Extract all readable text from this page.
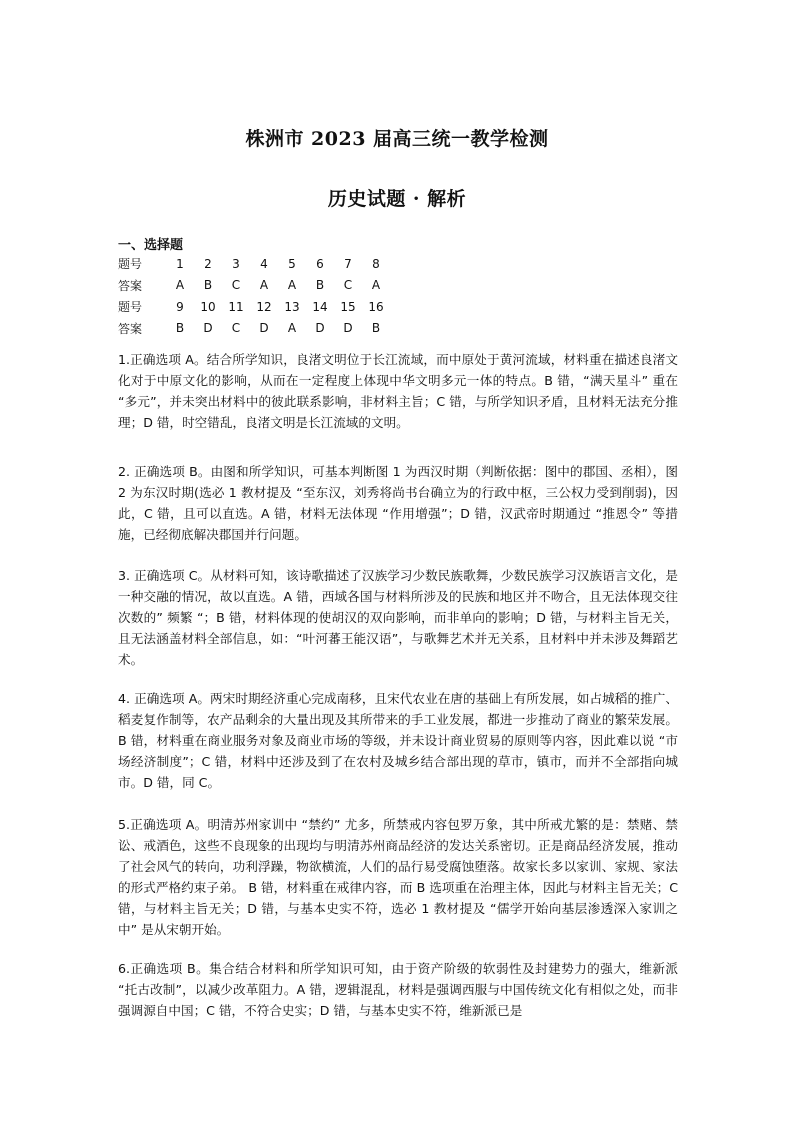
株洲市 2023 届高三统一教学检测
历史试题 · 解析
一、选择题
题号	1	2	3	4	5	6	7	8
答案	A	B	C	A	A	B	C	A
题号	9	10	11	12	13	14	15	16
答案	B	D	C	D	A	D	D	B

1.正确选项 A。结合所学知识，良渚文明位于长江流域，而中原处于黄河流域，材料重在描述良渚文化对于中原文化的影响，从而在一定程度上体现中华文明多元一体的特点。B 错，“满天星斗” 重在 “多元”，并未突出材料中的彼此联系影响，非材料主旨；C 错，与所学知识矛盾，且材料无法充分推理；D 错，时空错乱，良渚文明是长江流域的文明。

2. 正确选项 B。由图和所学知识，可基本判断图 1 为西汉时期（判断依据：图中的郡国、丞相），图 2 为东汉时期(选必 1 教材提及 “至东汉，刘秀将尚书台确立为的行政中枢，三公权力受到削弱)，因此，C 错，且可以直选。A 错，材料无法体现 “作用增强”；D 错，汉武帝时期通过 “推恩令” 等措施，已经彻底解决郡国并行问题。

3. 正确选项 C。从材料可知，该诗歌描述了汉族学习少数民族歌舞，少数民族学习汉族语言文化，是一种交融的情况，故以直选。A 错，西域各国与材料所涉及的民族和地区并不吻合，且无法体现交往次数的” 频繁 “；B 错，材料体现的使胡汉的双向影响，而非单向的影响；D 错，与材料主旨无关，且无法涵盖材料全部信息，如：“叶河蕃王能汉语”，与歌舞艺术并无关系，且材料中并未涉及舞蹈艺术。

4. 正确选项 A。两宋时期经济重心完成南移，且宋代农业在唐的基础上有所发展，如占城稻的推广、稻麦复作制等，农产品剩余的大量出现及其所带来的手工业发展，都进一步推动了商业的繁荣发展。B 错，材料重在商业服务对象及商业市场的等级，并未设计商业贸易的原则等内容，因此难以说 “市场经济制度”；C 错，材料中还涉及到了在农村及城乡结合部出现的草市，镇市，而并不全部指向城市。D 错，同 C。

5.正确选项 A。明清苏州家训中 “禁约” 尤多，所禁戒内容包罗万象，其中所戒尤繁的是：禁赌、禁讼、戒酒色，这些不良现象的出现均与明清苏州商品经济的发达关系密切。正是商品经济发展，推动了社会风气的转向，功利浮躁，物欲横流，人们的品行易受腐蚀堕落。故家长多以家训、家规、家法 的形式严格约束子弟。 B 错，材料重在戒律内容，而 B 选项重在治理主体，因此与材料主旨无关；C 错，与材料主旨无关；D 错，与基本史实不符，选必 1 教材提及 “儒学开始向基层渗透深入家训之中” 是从宋朝开始。

6.正确选项 B。集合结合材料和所学知识可知，由于资产阶级的软弱性及封建势力的强大，维新派 “托古改制”，以减少改革阻力。A 错，逻辑混乱，材料是强调西服与中国传统文化有相似之处，而非强调源自中国；C 错，不符合史实；D 错，与基本史实不符，维新派已是
